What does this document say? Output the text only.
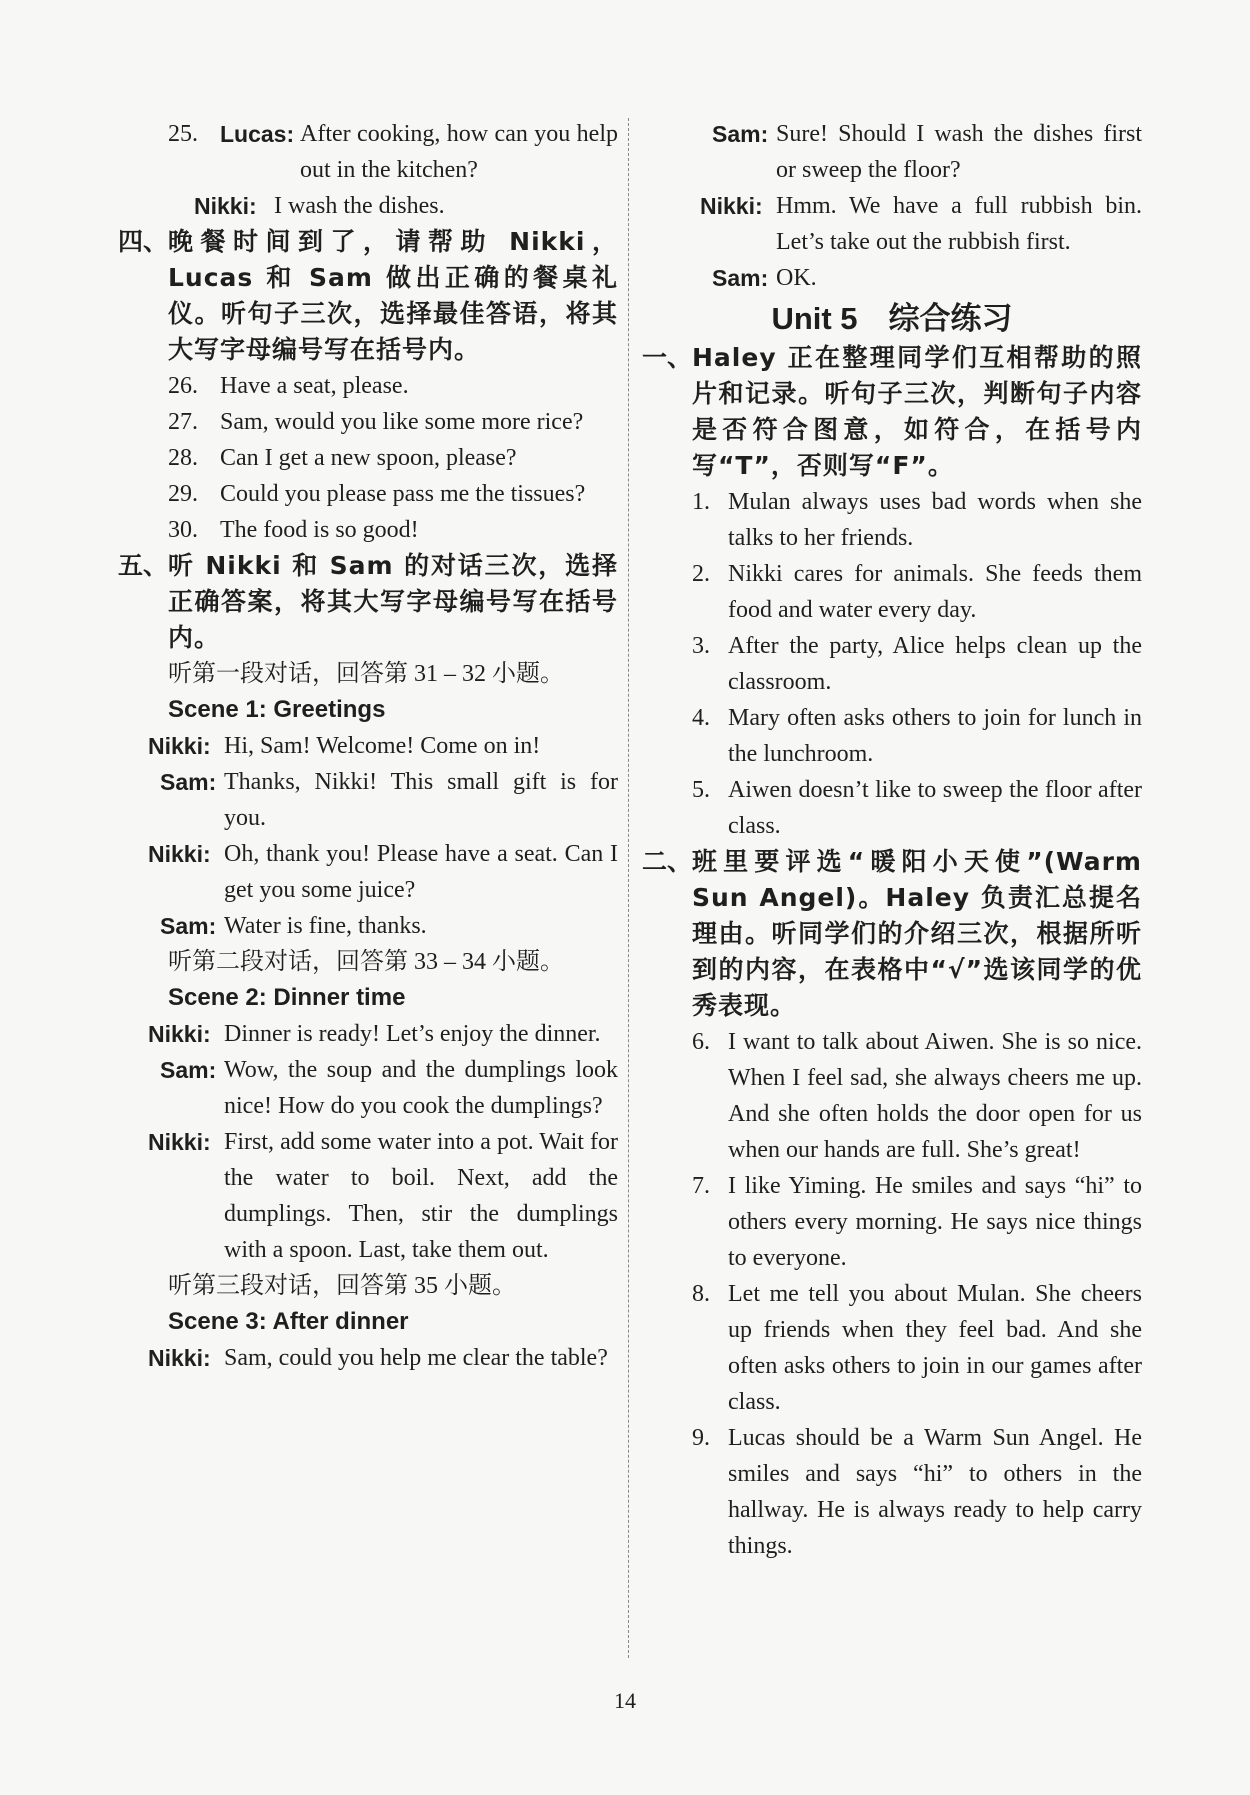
25. Lucas: After cooking, how can you help out in the kitchen?
Nikki: I wash the dishes.
四、 晚餐时间到了，请帮助 Nikki，Lucas 和 Sam 做出正确的餐桌礼仪。听句子三次，选择最佳答语，将其大写字母编号写在括号内。
26. Have a seat, please.
27. Sam, would you like some more rice?
28. Can I get a new spoon, please?
29. Could you please pass me the tissues?
30. The food is so good!
五、 听 Nikki 和 Sam 的对话三次，选择正确答案，将其大写字母编号写在括号内。
听第一段对话，回答第 31 – 32 小题。
Scene 1: Greetings
Nikki: Hi, Sam! Welcome! Come on in!
Sam: Thanks, Nikki! This small gift is for you.
Nikki: Oh, thank you! Please have a seat. Can I get you some juice?
Sam: Water is fine, thanks.
听第二段对话，回答第 33 – 34 小题。
Scene 2: Dinner time
Nikki: Dinner is ready! Let’s enjoy the dinner.
Sam: Wow, the soup and the dumplings look nice! How do you cook the dumplings?
Nikki: First, add some water into a pot. Wait for the water to boil. Next, add the dumplings. Then, stir the dumplings with a spoon. Last, take them out.
听第三段对话，回答第 35 小题。
Scene 3: After dinner
Nikki: Sam, could you help me clear the table?
Sam: Sure! Should I wash the dishes first or sweep the floor?
Nikki: Hmm. We have a full rubbish bin. Let’s take out the rubbish first.
Sam: OK.
Unit 5　综合练习
一、 Haley 正在整理同学们互相帮助的照片和记录。听句子三次，判断句子内容是否符合图意，如符合，在括号内写“T”，否则写“F”。
1. Mulan always uses bad words when she talks to her friends.
2. Nikki cares for animals. She feeds them food and water every day.
3. After the party, Alice helps clean up the classroom.
4. Mary often asks others to join for lunch in the lunchroom.
5. Aiwen doesn’t like to sweep the floor after class.
二、 班里要评选“暖阳小天使”(Warm Sun Angel)。Haley 负责汇总提名理由。听同学们的介绍三次，根据所听到的内容，在表格中“√”选该同学的优秀表现。
6. I want to talk about Aiwen. She is so nice. When I feel sad, she always cheers me up. And she often holds the door open for us when our hands are full. She’s great!
7. I like Yiming. He smiles and says “hi” to others every morning. He says nice things to everyone.
8. Let me tell you about Mulan. She cheers up friends when they feel bad. And she often asks others to join in our games after class.
9. Lucas should be a Warm Sun Angel. He smiles and says “hi” to others in the hallway. He is always ready to help carry things.
14
